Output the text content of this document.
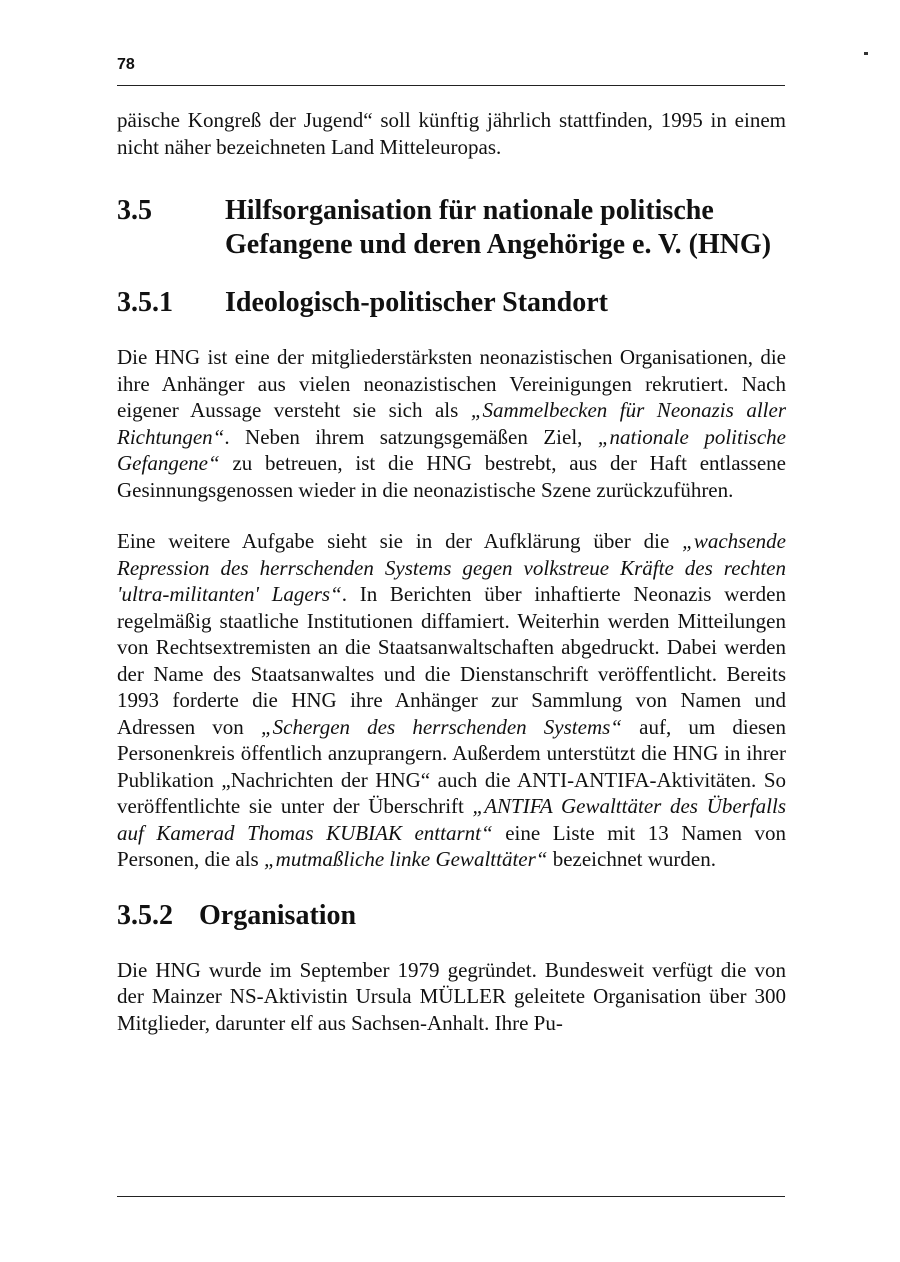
78

päische Kongreß der Jugend“ soll künftig jährlich stattfinden, 1995 in einem nicht näher bezeichneten Land Mitteleuropas.

3.5	Hilfsorganisation für nationale politische Gefangene und deren Angehörige e. V. (HNG)
3.5.1	Ideologisch-politischer Standort

Die HNG ist eine der mitgliederstärksten neonazistischen Organisationen, die ihre Anhänger aus vielen neonazistischen Vereinigungen rekrutiert. Nach eigener Aussage versteht sie sich als „Sammelbecken für Neonazis aller Richtungen“. Neben ihrem satzungsgemäßen Ziel, „nationale politische Gefangene“ zu betreuen, ist die HNG bestrebt, aus der Haft entlassene Gesinnungsgenossen wieder in die neonazistische Szene zurückzuführen.

Eine weitere Aufgabe sieht sie in der Aufklärung über die „wachsende Repression des herrschenden Systems gegen volkstreue Kräfte des rechten 'ultra-militanten' Lagers“. In Berichten über inhaftierte Neonazis werden regelmäßig staatliche Institutionen diffamiert. Weiterhin werden Mitteilungen von Rechtsextremisten an die Staatsanwaltschaften abgedruckt. Dabei werden der Name des Staatsanwaltes und die Dienstanschrift veröffentlicht. Bereits 1993 forderte die HNG ihre Anhänger zur Sammlung von Namen und Adressen von „Schergen des herrschenden Systems“ auf, um diesen Personenkreis öffentlich anzuprangern. Außerdem unterstützt die HNG in ihrer Publikation „Nachrichten der HNG“ auch die ANTI-ANTIFA-Aktivitäten. So veröffentlichte sie unter der Überschrift „ANTIFA Gewalttäter des Überfalls auf Kamerad Thomas KUBIAK enttarnt“ eine Liste mit 13 Namen von Personen, die als „mutmaßliche linke Gewalttäter“ bezeichnet wurden.

3.5.2 Organisation

Die HNG wurde im September 1979 gegründet. Bundesweit verfügt die von der Mainzer NS-Aktivistin Ursula MÜLLER geleitete Organisation über 300 Mitglieder, darunter elf aus Sachsen-Anhalt. Ihre Pu-
